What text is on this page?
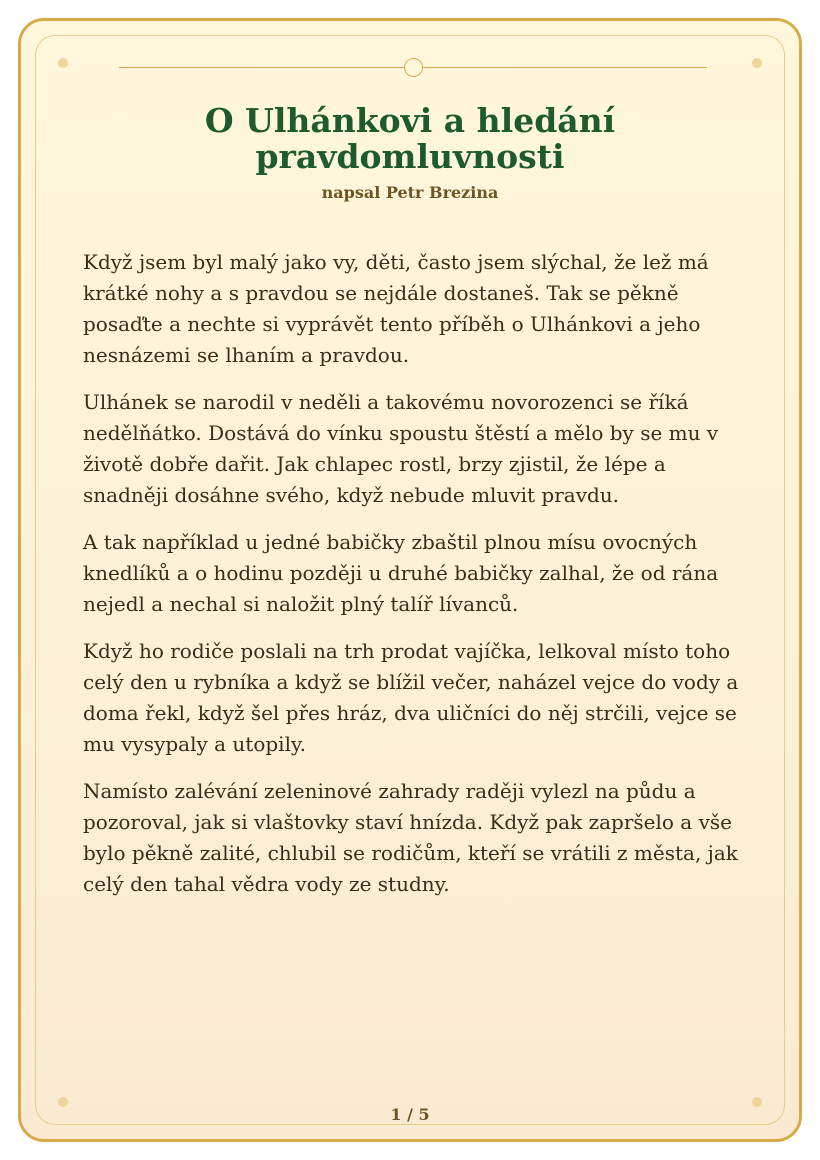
O Ulhánkovi a hledání pravdomluvnosti
napsal Petr Brezina

Když jsem byl malý jako vy, děti, často jsem slýchal, že lež má krátké nohy a s pravdou se nejdále dostaneš. Tak se pěkně posaďte a nechte si vyprávět tento příběh o Ulhánkovi a jeho nesnázemi se lhaním a pravdou.

Ulhánek se narodil v neděli a takovému novorozenci se říká nedělňátko. Dostává do vínku spoustu štěstí a mělo by se mu v životě dobře dařit. Jak chlapec rostl, brzy zjistil, že lépe a snadněji dosáhne svého, když nebude mluvit pravdu.

A tak například u jedné babičky zbaštil plnou mísu ovocných knedlíků a o hodinu později u druhé babičky zalhal, že od rána nejedl a nechal si naložit plný talíř lívanců.

Když ho rodiče poslali na trh prodat vajíčka, lelkoval místo toho celý den u rybníka a když se blížil večer, naházel vejce do vody a doma řekl, když šel přes hráz, dva uličníci do něj strčili, vejce se mu vysypaly a utopily.

Namísto zalévání zeleninové zahrady raději vylezl na půdu a pozoroval, jak si vlaštovky staví hnízda. Když pak zapršelo a vše bylo pěkně zalité, chlubil se rodičům, kteří se vrátili z města, jak celý den tahal vědra vody ze studny.

1 / 5
